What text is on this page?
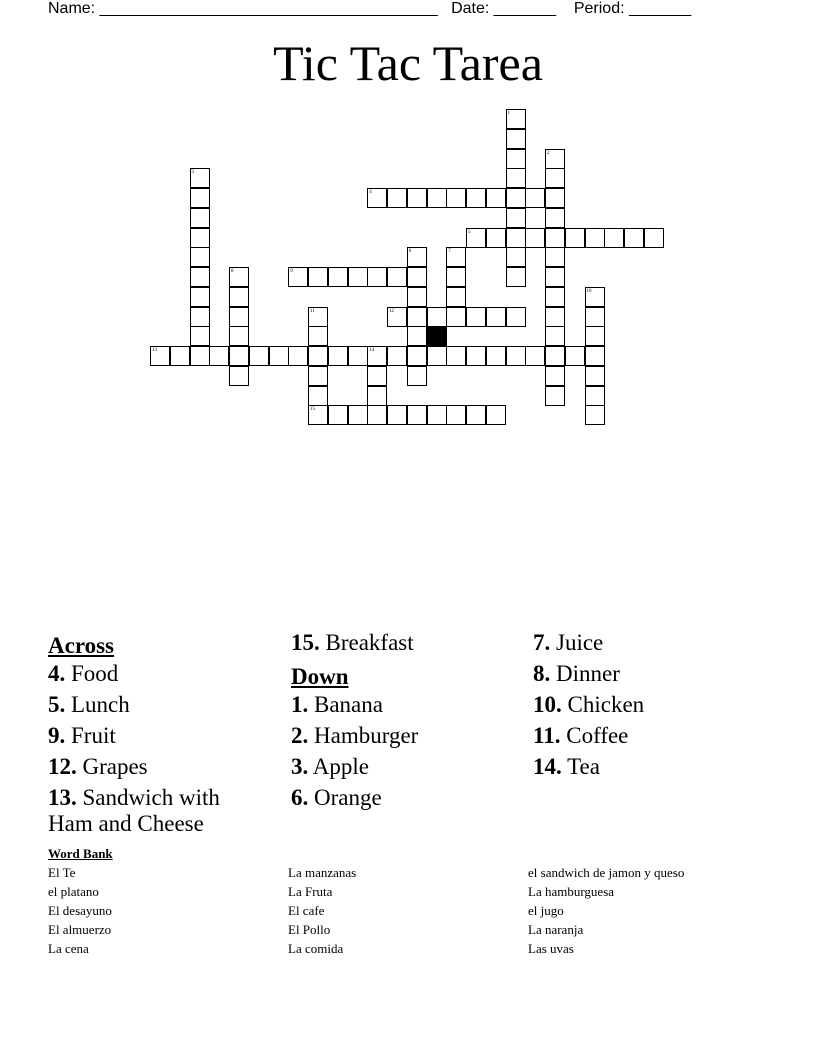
Name: ______________________________________ Date: _______ Period: _______
Tic Tac Tarea
1
2
3
4
5
6	7
8	9
10
11	12
13	14
15
Across
4. Food
5. Lunch
9. Fruit
12. Grapes
13. Sandwich with Ham and Cheese
15. Breakfast
Down
1. Banana
2. Hamburger
3. Apple
6. Orange
7. Juice
8. Dinner
10. Chicken
11. Coffee
14. Tea
Word Bank
El Te
el platano
El desayuno
El almuerzo
La cena
La manzanas
La Fruta
El cafe
El Pollo
La comida
el sandwich de jamon y queso
La hamburguesa
el jugo
La naranja
Las uvas
